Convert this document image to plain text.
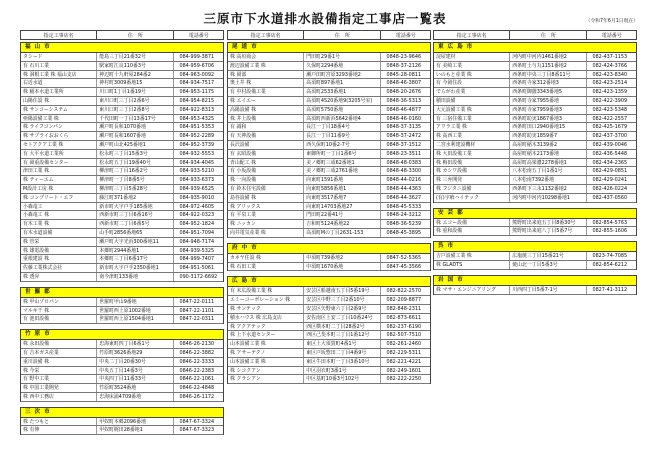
三原市下水道排水設備指定工事店一覧表	（令和7年6月1日現在）
指定工事店名	住　所	電話番号
福 山 市
タシード	能島三丁目21番32号	084-999-3871
有 石川工業	駅家町江良110番3号	084-959-6706
株 洞根工業 株 福山支店	神辺町十九軒屋284番2	084-963-0092
右近水道	神村町3009番地15	084-934-7517
株 稲本水道工業所	川口町1丁目1番19号	084-953-1175
山陽住設 株	東川口町三丁目2番6号	084-954-8215
株 サンコーシステム	東川口町三丁目2番8号	084-922-8313
亜陽設備工業 株	千代田町一丁目13番17号	084-953-4325
株 ライフコンパン	瀬戸町長和1070番地	084-951-5353
株 サプライおおくら	瀬戸町長和1607番地	084-952-2289
セトアクア工業 株	瀬戸町山北425番地1	084-952-3739
有 大平水道工業所	松永町三丁目15番3号	084-932-5553
有 岡重設備センター	松永町五丁目19番40号	084-934-4045
津田工業 株	柳津町二丁目16番2号	084-933-5210
株 ティーエム	柳津町一丁目8番5号	084-933-6373
M設計工房 株	柳津町三丁目5番28号	084-939-6525
株 コンプリート・エフ	藤江町371番地2	084-935-9010
小森竜工	新市町大字戸手185番地	084-972-4605
小森竜工 株	西新市町三丁目6番16号	084-922-0323
有木工業 株	西新市町二丁目6番5号	084-952-1824
有木水道設備	山手町2856番地65	084-951-7094
株 管栄	瀬戸町大字光浜300番地11	084-948-7174
株 雄電設備	本郷町2944番地1	084-939-5325
重根建設 株	本郷町三丁目6番17号	084-999-7407
佐藤工業株式会社	新市町大字戸手2350番地1	084-951-5061
株 透昇	南今津町133番地	090-3172-6692
世 羅 郡
株 甲山プロパン	世羅町甲山9番地	0847-22-0111
マルキ干 株	世羅町西上原1002番地	0847-22-1101
有 池田設備	世羅町西上原1504番地1	0847-22-0311
竹 原 市
株 永田設備	忠海東町四丁目6番1号	0846-26-2130
有 吉本ガス産業	竹原町3626番地29	0846-22-3882
重川設備 株	中央二丁目20番30号	0846-22-3333
株 今栄	中央五丁目14番3号	0846-22-2383
有 野中工業	中央四丁目11番33号	0846-22-1061
株 中国工業開発	竹原町3524番地	0846-22-4848
株 西中工務店	忠海床浦4709番地	0846-26-1172
三 次 市
株 たつもと	甲奴町本郷2096番地	0847-67-3324
株 有伸	甲奴町梶田28番地1	0847-67-3323
指定工事店名	住　所	電話番号
尾 道 市
株 高垣商会	門田町29番1号	0848-23-9646
渡辺設備工業 株	久保町2294番地	0848-37-2126
株 岡部	瀬戸田町宮原3293番地2	0845-28-0811
奥土井 株	高須町897番地1	0848-46-3807
有 中村設備工業	高須町2533番地1	0848-20-2676
株 エイエー	高須町4520番地9(3205号室)	0848-36-5313
高陽設備 株	高須町5750番地	0848-46-4877
株 井上設備	高須町西新浜5642番地4	0848-46-0160
有 誠和	長江一丁目18番4号	0848-37-3135
有 天神設備	長江一丁目11番9号	0848-37-2472
長沢設備	西久保町10番2-7号	0848-37-1512
有 玄昭設備	東御所町一丁目1番6号	0848-23-3511
青山配工 株	美ノ郷町三成62番地1	0848-48-0383
有 小坂設備	美ノ郷町三成2761番地	0848-48-3300
株 一向設備	向東町1591番地	0848-44-0216
有 鈴木住宅設備	向東町5856番地1	0848-44-4363
島谷設備 株	向東町3517番地7	0848-44-3627
株 アリックス	向東町14703番地27	0848-45-5333
有 平泉工業	門田町22番41号	0848-24-3212
株 ニッカン	吉和町5124番地22	0848-36-5239
向井電気産業 株	高須町Mの丁目2631-153	0848-45-3895
府 中 市
カネヤ住設 株	中須町739番地2	0847-52-5365
株 石田工業	中須町1670番地	0847-45-3566
広 島 市
有 末広設備工業 株	安芸区船越南五丁目5番19号	082-822-2570
エミーコーポレーション 株	安芸区中野三丁目2番10号	082-209-8877
株 サンテック	安芸区矢野東六丁目2番9号	082-848-2311
積水ハウス 株 広島支店	安佐南区上安二丁目10番24号	082-873-6611
株 アクアテック	西区横本町二丁目28番2号	082-237-6190
株 上下水道センター	西区己斐本町三丁目1番12号	082-507-7510
山本設備工業 株	東区上大須賀町4番1号	082-261-2460
株 アサーテクノ	東区戸坂惣田二丁目4番9号	082-229-5311
山本設備工業 株	東区牛田本町一丁目3番10号	082-221-4221
株 シコクアン	中区羽衣町3番1号	082-249-1601
株 クラシアン	中区基町10番3号102号	082-222-2250
指定工事店名	住　所	電話番号
東 広 島 市
淀屋建材	河内町中河内1461番地2	082-437-1153
有 美崎工業	西条町土与丸1151番地2	082-424-3766
いのもと産業 株	西条町中央三丁目8番11号	082-423-8340
有 今岡住設	西条町寺家312番地3	082-423-2514
でらがわ産業	西条町御薗3343番地5	082-423-1359
積田設備	西条町寺家7955番地	082-422-3909
大元設備工業 株	西条町寺家7959番地3	082-423-5348
有 三宿住備工業	西条町助実1867番地3	082-422-2557
アワラ工業 株	西条町田口2940番地15	082-425-1679
株 高西工業	西条町助実1859番7	082-437-3700
二宮水利建設機材	高屋町稲木3139番2	082-439-0046
株 大田設備工業	高屋町稲木2173番地	082-436-5448
株 梅田設備	高屋町高梁濃2278番地1	082-434-2365
株 カシワ設備	八本松南五丁目1番1号	082-429-0851
株 三弁開発	八本松南7392番地	082-429-0241
株 フジタニ設備	西条町下三永1132番地2	082-426-0224
(有)宇喰ハイテック	河内町中河内10298番地1	082-437-0560
安 芸 郡
株 エコー設備	熊野町出来庭五丁目8番30号	082-854-5763
株 重和設備	熊野町出来庭八丁目5番7号	082-855-1606
呉 市
吉戸設備工業 株	広塩焼三丁目15番21号	0823-74-7085
株 GLADTS	焼山北一丁目5番3号	082-854-6212
岩 国 市
株 マサ・エンジニアリング	川西四丁目5番7-1号	0827-41-3112
